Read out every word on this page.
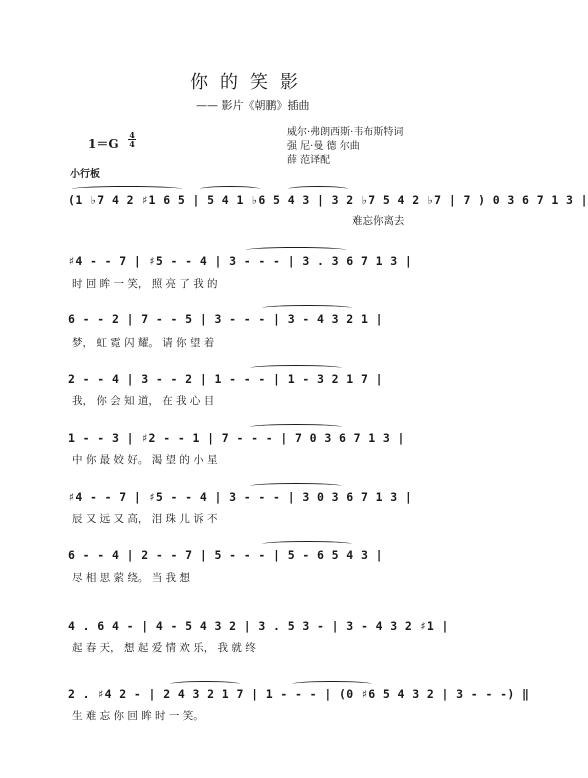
你的笑影
—— 影片《朝鹏》插曲
威尔·弗朗西斯·韦布斯特词
强 尼·曼 德 尔曲
薛 范译配
1＝G
4
4
小行板
(1 ♭7 4 2 ♯1 6 5 | 5 4 1 ♭6 5 4 3 | 3 2 ♭7 5 4 2 ♭7 | 7 ) 0 3 6 7 1 3 |
难忘你离去
♯4 - - 7 | ♯5 - - 4 | 3 - - - | 3 . 3 6 7 1 3 |
时 回 眸 一 笑， 照 亮 了 我 的
6 - - 2 | 7 - - 5 | 3 - - - | 3 - 4 3 2 1 |
梦， 虹 霓 闪 耀。 请 你 望 着
2 - - 4 | 3 - - 2 | 1 - - - | 1 - 3 2 1 7 |
我， 你 会 知 道， 在 我 心 目
1 - - 3 | ♯2 - - 1 | 7 - - - | 7 0 3 6 7 1 3 |
中 你 最 姣 好。 渴 望 的 小 星
♯4 - - 7 | ♯5 - - 4 | 3 - - - | 3 0 3 6 7 1 3 |
辰 又 远 又 高， 泪 珠 儿 诉 不
6 - - 4 | 2 - - 7 | 5 - - - | 5 - 6 5 4 3 |
尽 相 思 萦 绕。 当 我 想
4 . 6 4 - | 4 - 5 4 3 2 | 3 . 5 3 - | 3 - 4 3 2 ♯1 |
起 春 天， 想 起 爱 情 欢 乐， 我 就 终
2 . ♯4 2 - | 2 4 3 2 1 7 | 1 - - - | (0 ♯6 5 4 3 2 | 3 - - -) ‖
生 难 忘 你 回 眸 时 一 笑。
